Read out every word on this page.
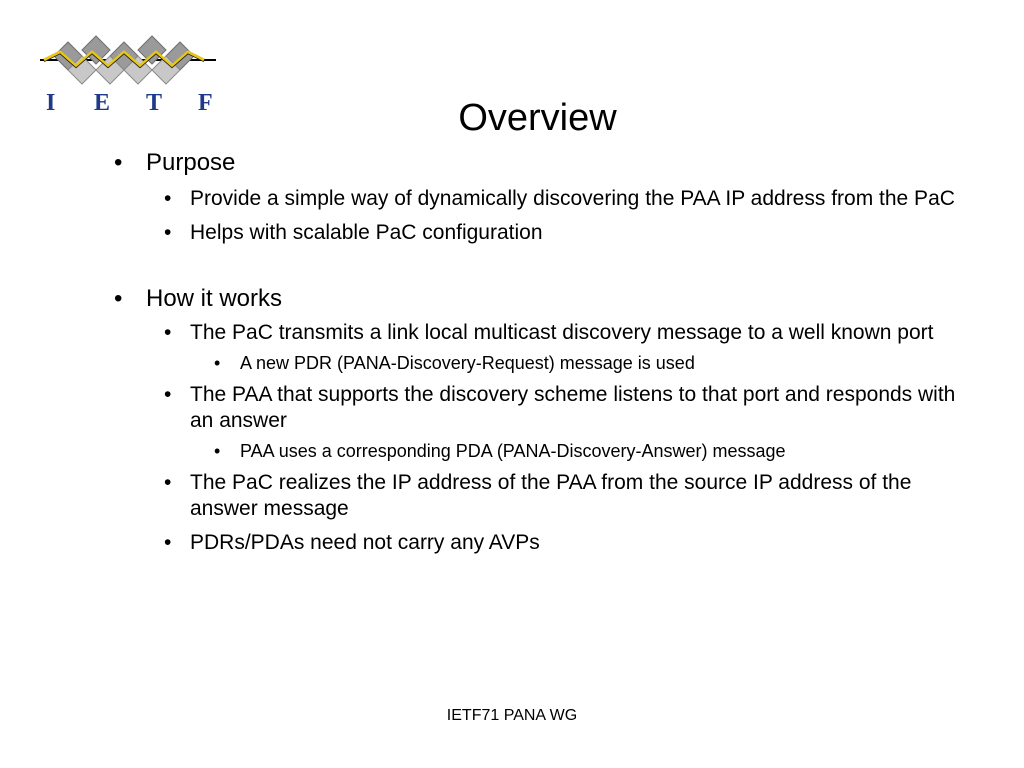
I E T F	Overview
• Purpose
• Provide a simple way of dynamically discovering the PAA IP address from the PaC
• Helps with scalable PaC configuration
• How it works
• The PaC transmits a link local multicast discovery message to a well known port
• A new PDR (PANA-Discovery-Request) message is used
• The PAA that supports the discovery scheme listens to that port and responds with an answer
• PAA uses a corresponding PDA (PANA-Discovery-Answer) message
• The PaC realizes the IP address of the PAA from the source IP address of the answer message
• PDRs/PDAs need not carry any AVPs
IETF71 PANA WG
